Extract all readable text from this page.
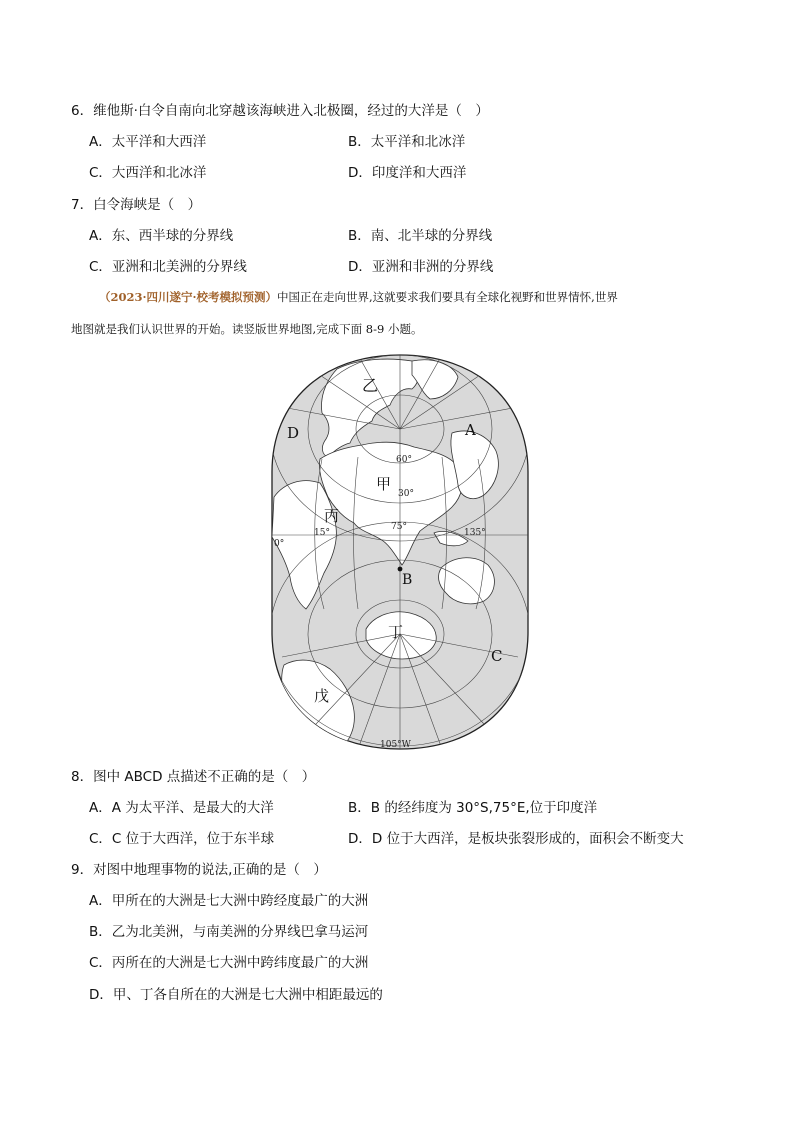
6．维他斯·白令自南向北穿越该海峡进入北极圈，经过的大洋是（　）
A．太平洋和大西洋	B．太平洋和北冰洋
C．大西洋和北冰洋	D．印度洋和大西洋
7．白令海峡是（　）
A．东、西半球的分界线	B．南、北半球的分界线
C．亚洲和北美洲的分界线	D．亚洲和非洲的分界线
（2023·四川遂宁·校考模拟预测）中国正在走向世界,这就要求我们要具有全球化视野和世界情怀,世界
地图就是我们认识世界的开始。读竖版世界地图,完成下面 8-9 小题。
乙
甲
丙
丁
戊
A
B
C
D
60°
30°
15°
75°
135°
0°
105°W
8．图中 ABCD 点描述不正确的是（　）
A．A 为太平洋、是最大的大洋	B．B 的经纬度为 30°S,75°E,位于印度洋
C．C 位于大西洋，位于东半球	D．D 位于大西洋，是板块张裂形成的，面积会不断变大
9．对图中地理事物的说法,正确的是（　）
A．甲所在的大洲是七大洲中跨经度最广的大洲
B．乙为北美洲，与南美洲的分界线巴拿马运河
C．丙所在的大洲是七大洲中跨纬度最广的大洲
D．甲、丁各自所在的大洲是七大洲中相距最远的
